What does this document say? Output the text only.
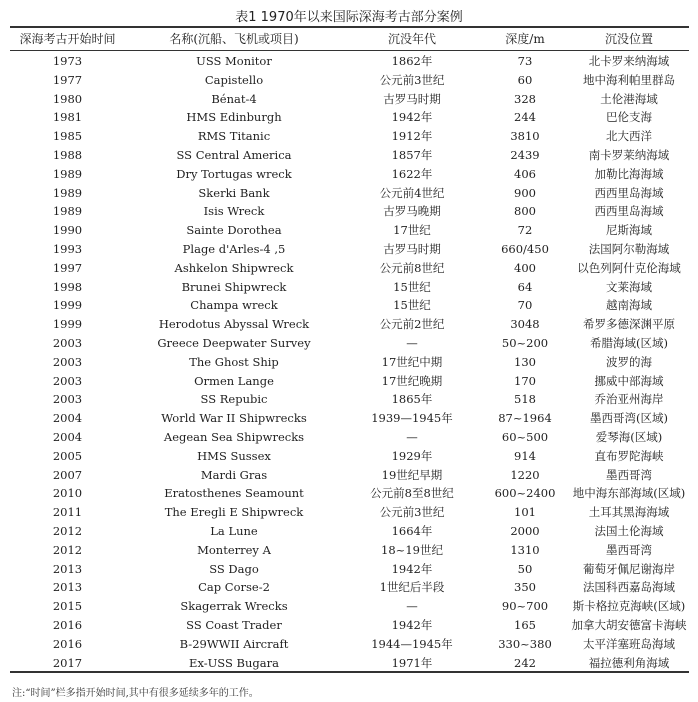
表1 1970年以来国际深海考古部分案例
深海考古开始时间	名称(沉船、飞机或项目)	沉没年代	深度/m	沉没位置
1973	USS Monitor	1862年	73	北卡罗来纳海域
1977	Capistello	公元前3世纪	60	地中海利帕里群岛
1980	Bénat-4	古罗马时期	328	土伦港海域
1981	HMS Edinburgh	1942年	244	巴伦支海
1985	RMS Titanic	1912年	3810	北大西洋
1988	SS Central America	1857年	2439	南卡罗莱纳海域
1989	Dry Tortugas wreck	1622年	406	加勒比海海域
1989	Skerki Bank	公元前4世纪	900	西西里岛海域
1989	Isis Wreck	古罗马晚期	800	西西里岛海域
1990	Sainte Dorothea	17世纪	72	尼斯海域
1993	Plage d'Arles-4 ,5	古罗马时期	660/450	法国阿尔勒海域
1997	Ashkelon Shipwreck	公元前8世纪	400	以色列阿什克伦海域
1998	Brunei Shipwreck	15世纪	64	文莱海域
1999	Champa wreck	15世纪	70	越南海域
1999	Herodotus Abyssal Wreck	公元前2世纪	3048	希罗多德深渊平原
2003	Greece Deepwater Survey	—	50~200	希腊海域(区域)
2003	The Ghost Ship	17世纪中期	130	波罗的海
2003	Ormen Lange	17世纪晚期	170	挪威中部海域
2003	SS Repubic	1865年	518	乔治亚州海岸
2004	World War II Shipwrecks	1939—1945年	87~1964	墨西哥湾(区域)
2004	Aegean Sea Shipwrecks	—	60~500	爱琴海(区域)
2005	HMS Sussex	1929年	914	直布罗陀海峡
2007	Mardi Gras	19世纪早期	1220	墨西哥湾
2010	Eratosthenes Seamount	公元前8至8世纪	600~2400	地中海东部海域(区域)
2011	The Eregli E Shipwreck	公元前3世纪	101	土耳其黑海海域
2012	La Lune	1664年	2000	法国土伦海域
2012	Monterrey A	18~19世纪	1310	墨西哥湾
2013	SS Dago	1942年	50	葡萄牙佩尼谢海岸
2013	Cap Corse-2	1世纪后半段	350	法国科西嘉岛海域
2015	Skagerrak Wrecks	—	90~700	斯卡格拉克海峡(区域)
2016	SS Coast Trader	1942年	165	加拿大胡安德富卡海峡
2016	B-29WWII Aircraft	1944—1945年	330~380	太平洋塞班岛海域
2017	Ex-USS Bugara	1971年	242	福拉德利角海域
注:“时间”栏多指开始时间,其中有很多延续多年的工作。
